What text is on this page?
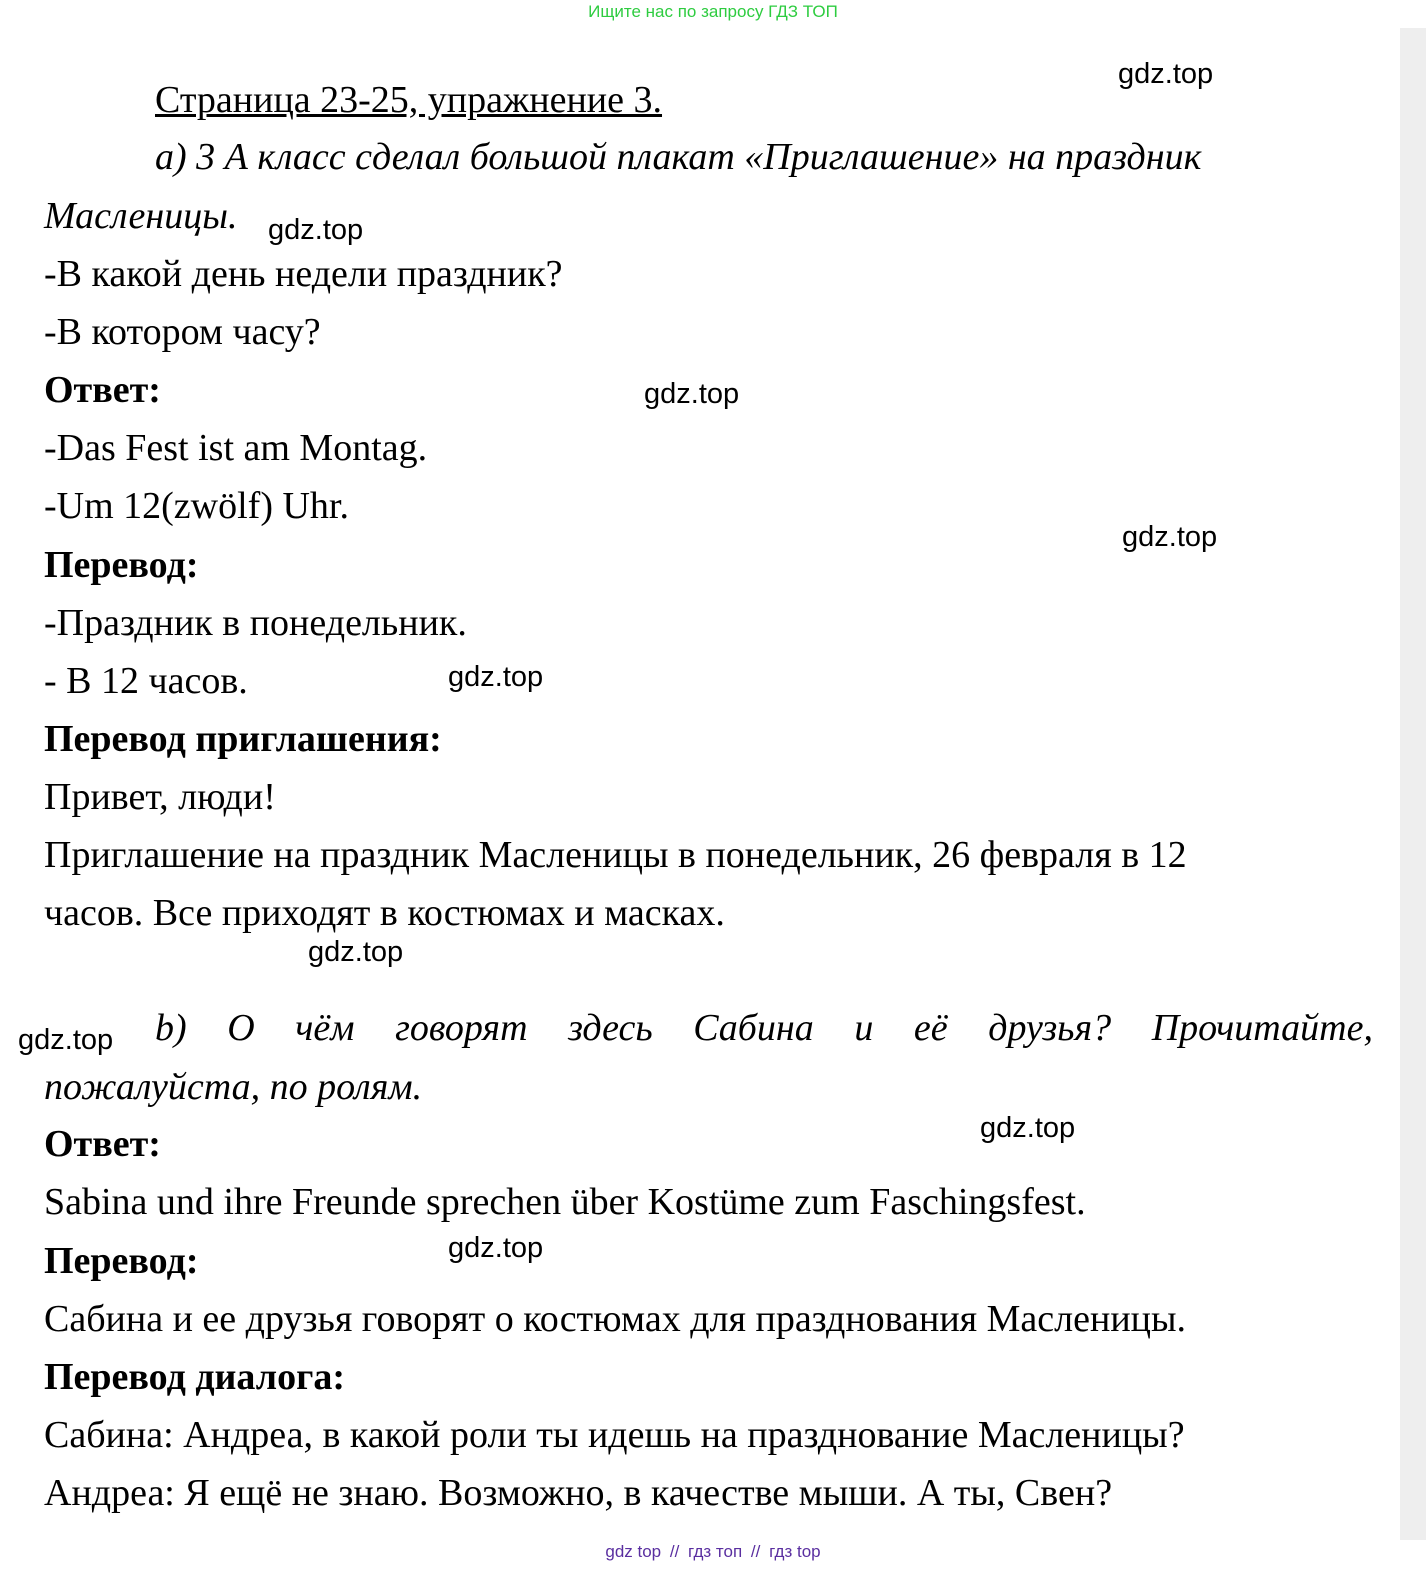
Ищите нас по запросу ГДЗ ТОП
Страница 23-25, упражнение 3.
а) 3 А класс сделал большой плакат «Приглашение» на праздник
Масленицы.
-В какой день недели праздник?
-В котором часу?
Ответ:
-Das Fest ist am Montag.
-Um 12(zwölf) Uhr.
Перевод:
-Праздник в понедельник.
- В 12 часов.
Перевод приглашения:
Привет, люди!
Приглашение на праздник Масленицы в понедельник, 26 февраля в 12
часов. Все приходят в костюмах и масках.
b) О чём говорят здесь Сабина и её друзья? Прочитайте,
пожалуйста, по ролям.
Ответ:
Sabina und ihre Freunde sprechen über Kostüme zum Faschingsfest.
Перевод:
Сабина и ее друзья говорят о костюмах для празднования Масленицы.
Перевод диалога:
Сабина: Андреа, в какой роли ты идешь на празднование Масленицы?
Андреа: Я ещё не знаю. Возможно, в качестве мыши. А ты, Свен?
gdz.top
gdz.top
gdz.top
gdz.top
gdz.top
gdz.top
gdz.top
gdz.top
gdz.top
gdz top // гдз топ // гдз top
